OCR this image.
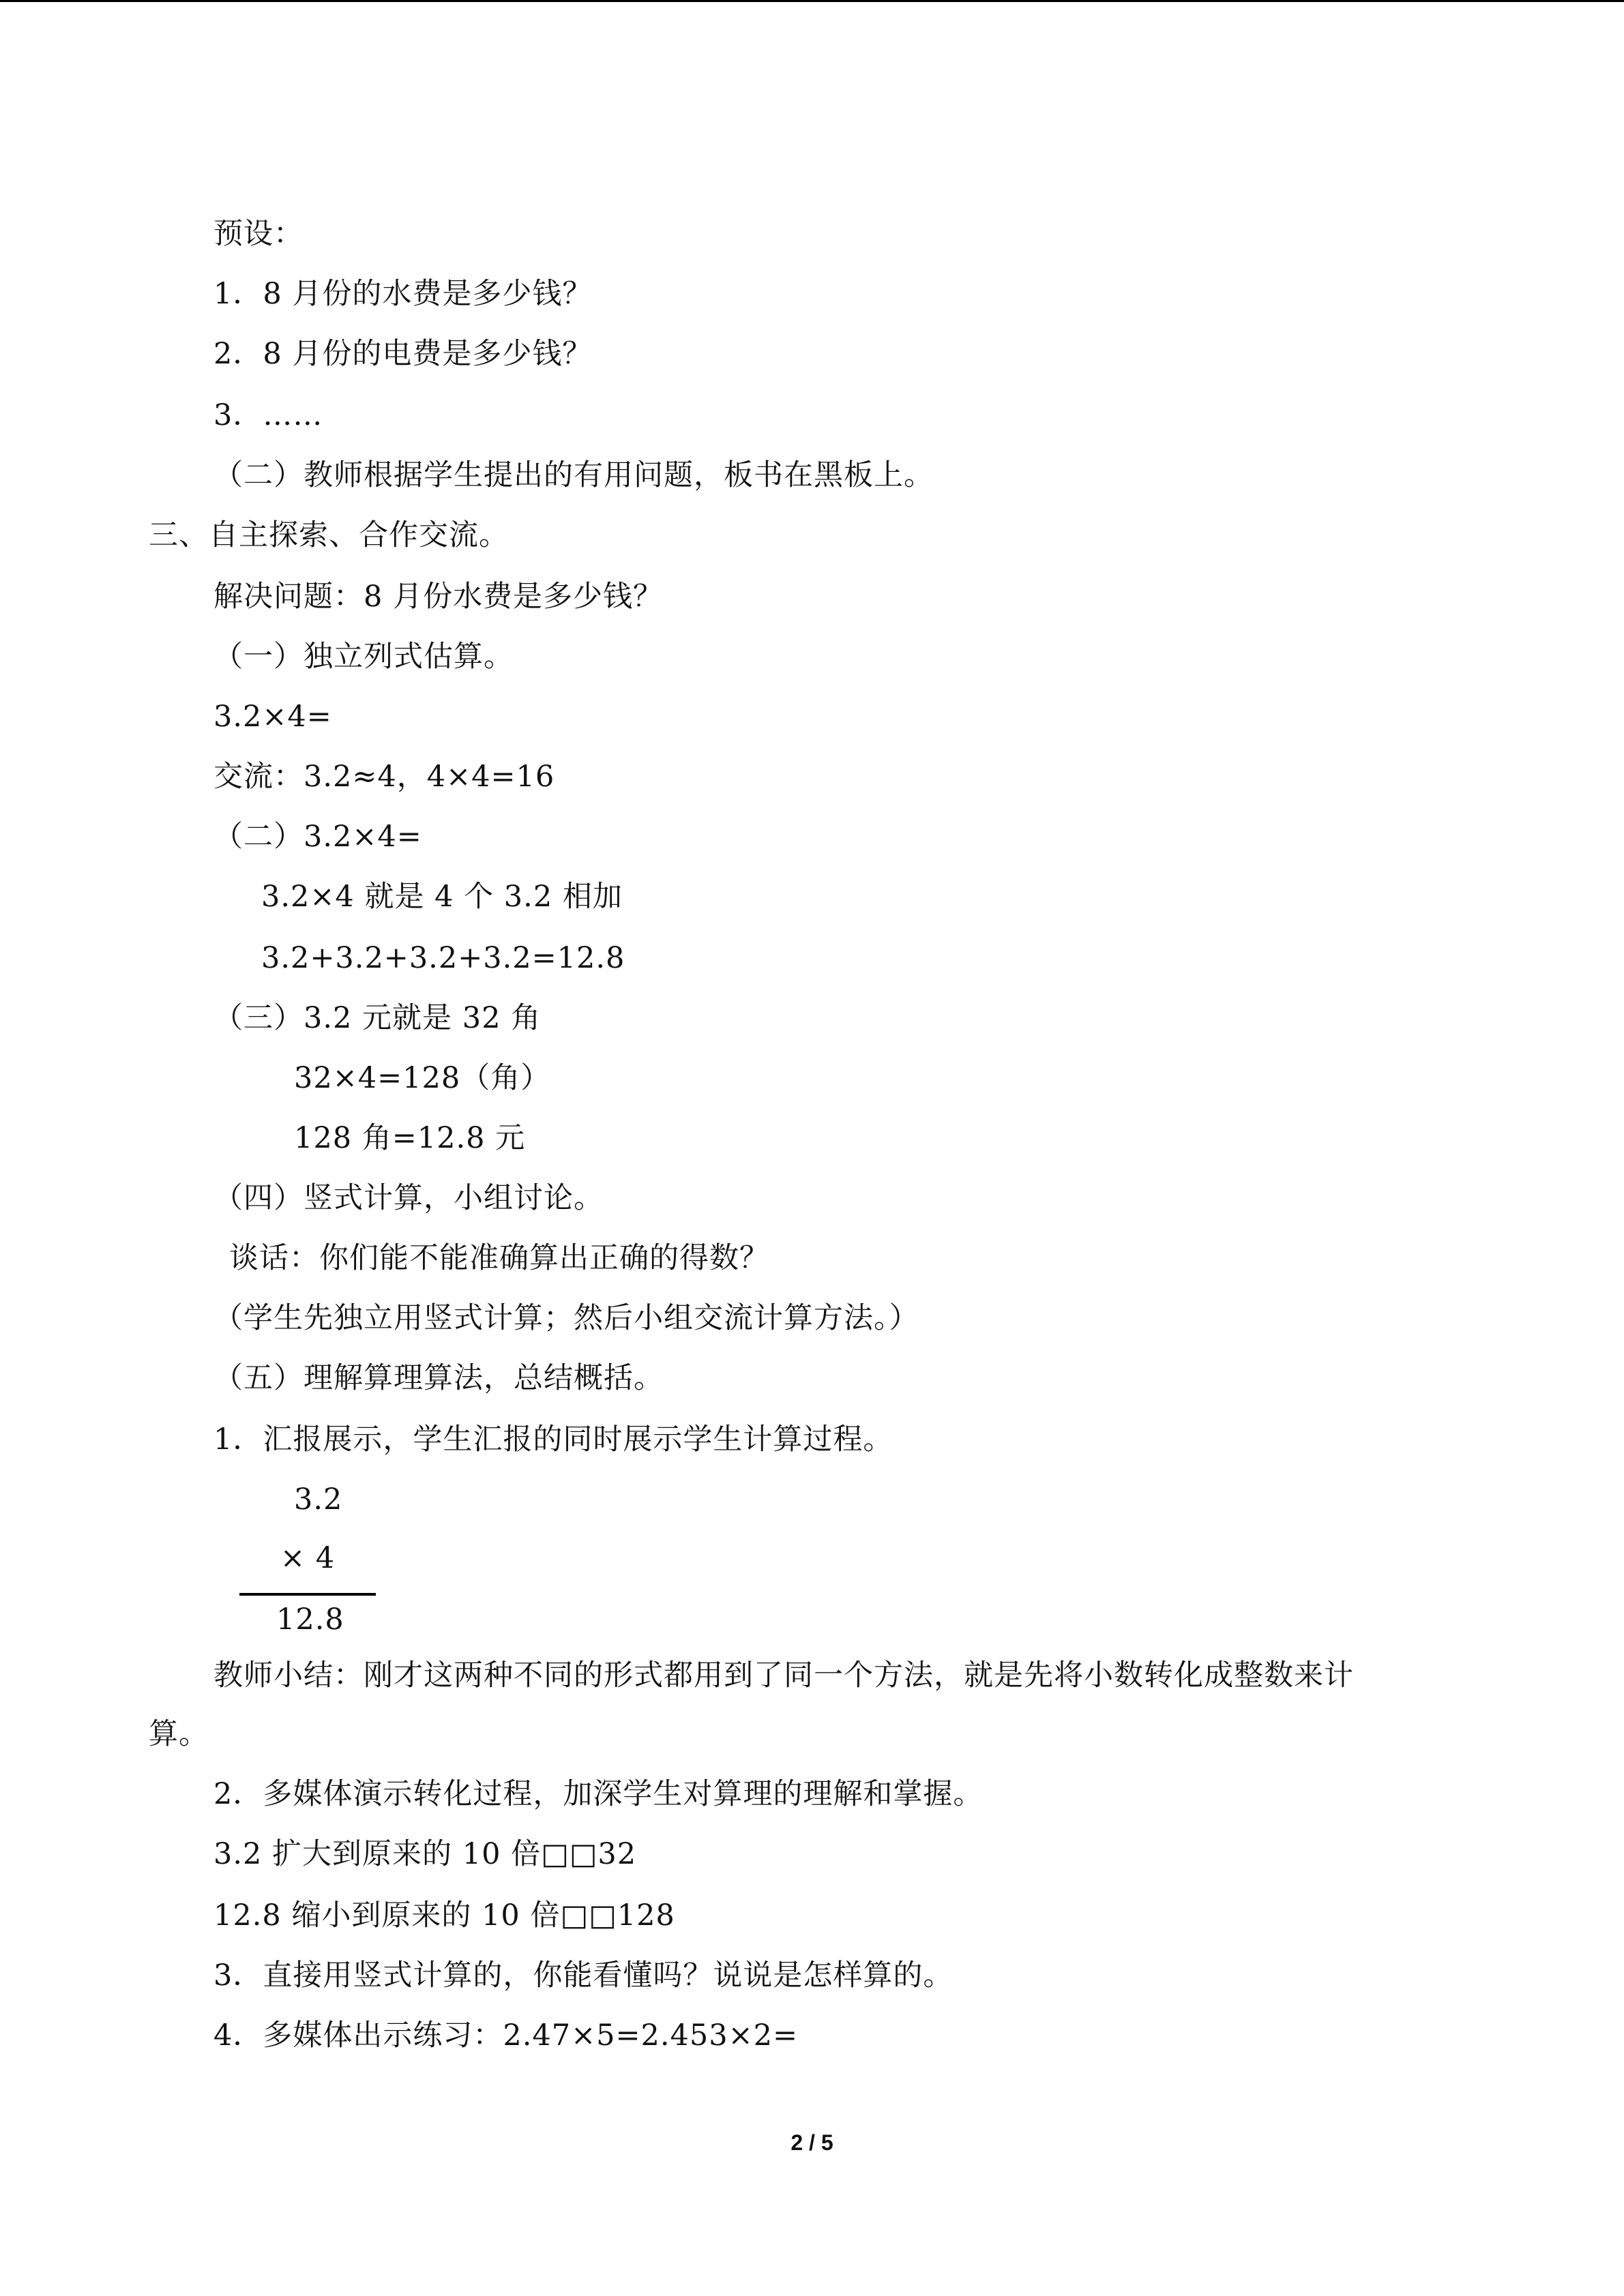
预设：
1．8 月份的水费是多少钱？
2．8 月份的电费是多少钱？
3．……
（二）教师根据学生提出的有用问题，板书在黑板上。
三、自主探索、合作交流。
解决问题：8 月份水费是多少钱？
（一）独立列式估算。
3.2×4=
交流：3.2≈4，4×4=16
（二）3.2×4=
3.2×4 就是 4 个 3.2 相加
3.2+3.2+3.2+3.2=12.8
（三）3.2 元就是 32 角
32×4=128（角）
128 角=12.8 元
（四）竖式计算，小组讨论。
谈话：你们能不能准确算出正确的得数？
（学生先独立用竖式计算；然后小组交流计算方法。）
（五）理解算理算法，总结概括。
1．汇报展示，学生汇报的同时展示学生计算过程。
3.2
× 4
12.8
教师小结：刚才这两种不同的形式都用到了同一个方法，就是先将小数转化成整数来计
算。
2．多媒体演示转化过程，加深学生对算理的理解和掌握。
3.2 扩大到原来的 10 倍□□32
12.8 缩小到原来的 10 倍□□128
3．直接用竖式计算的，你能看懂吗？说说是怎样算的。
4．多媒体出示练习：2.47×5=2.453×2=
2 / 5
